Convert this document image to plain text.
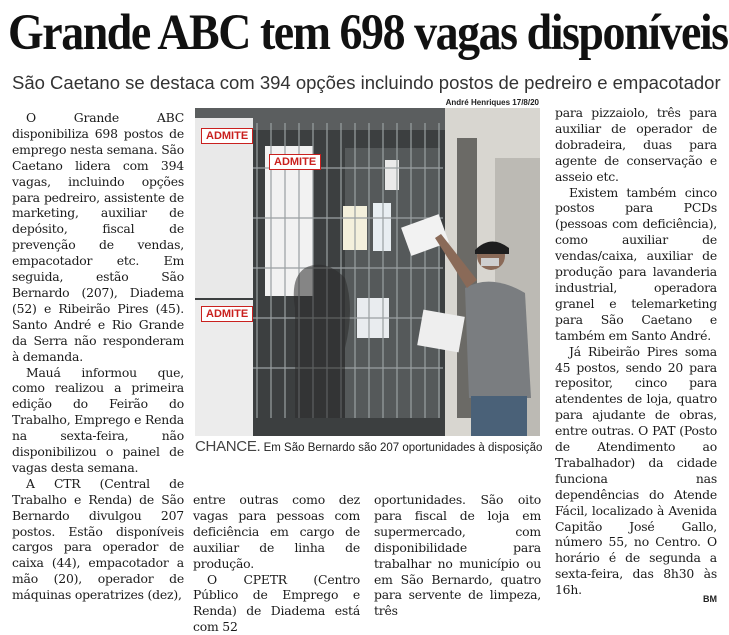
Grande ABC tem 698 vagas disponíveis
São Caetano se destaca com 394 opções incluindo postos de pedreiro e empacotador
André Henriques 17/8/20

O Grande ABC disponibiliza 698 postos de emprego nesta semana. São Caetano lidera com 394 vagas, incluindo opções para pedreiro, assistente de marketing, auxiliar de depósito, fiscal de prevenção de vendas, empacotador etc. Em seguida, estão São Bernardo (207), Diadema (52) e Ribeirão Pires (45). Santo André e Rio Grande da Serra não responderam à demanda.

Mauá informou que, como realizou a primeira edição do Feirão do Trabalho, Emprego e Renda na sexta-feira, não disponibilizou o painel de vagas desta semana.

A CTR (Central de Trabalho e Renda) de São Bernardo divulgou 207 postos. Estão disponíveis cargos para operador de caixa (44), empacotador a mão (20), operador de máquinas operatrizes (dez),

ADMITE
ADMITE
ADMITE
CHANCE. Em São Bernardo são 207 oportunidades à disposição

entre outras como dez vagas para pessoas com deficiência em cargo de auxiliar de linha de produção.

O CPETR (Centro Público de Emprego e Renda) de Diadema está com 52

oportunidades. São oito para fiscal de loja em supermercado, com disponibilidade para trabalhar no município ou em São Bernardo, quatro para servente de limpeza, três

para pizzaiolo, três para auxiliar de operador de dobradeira, duas para agente de conservação e asseio etc.

Existem também cinco postos para PCDs (pessoas com deficiência), como auxiliar de vendas/caixa, auxiliar de produção para lavanderia industrial, operadora granel e telemarketing para São Caetano e também em Santo André.

Já Ribeirão Pires soma 45 postos, sendo 20 para repositor, cinco para atendentes de loja, quatro para ajudante de obras, entre outras. O PAT (Posto de Atendimento ao Trabalhador) da cidade funciona nas dependências do Atende Fácil, localizado à Avenida Capitão José Gallo, número 55, no Centro. O horário é de segunda a sexta-feira, das 8h30 às 16h.

BM
